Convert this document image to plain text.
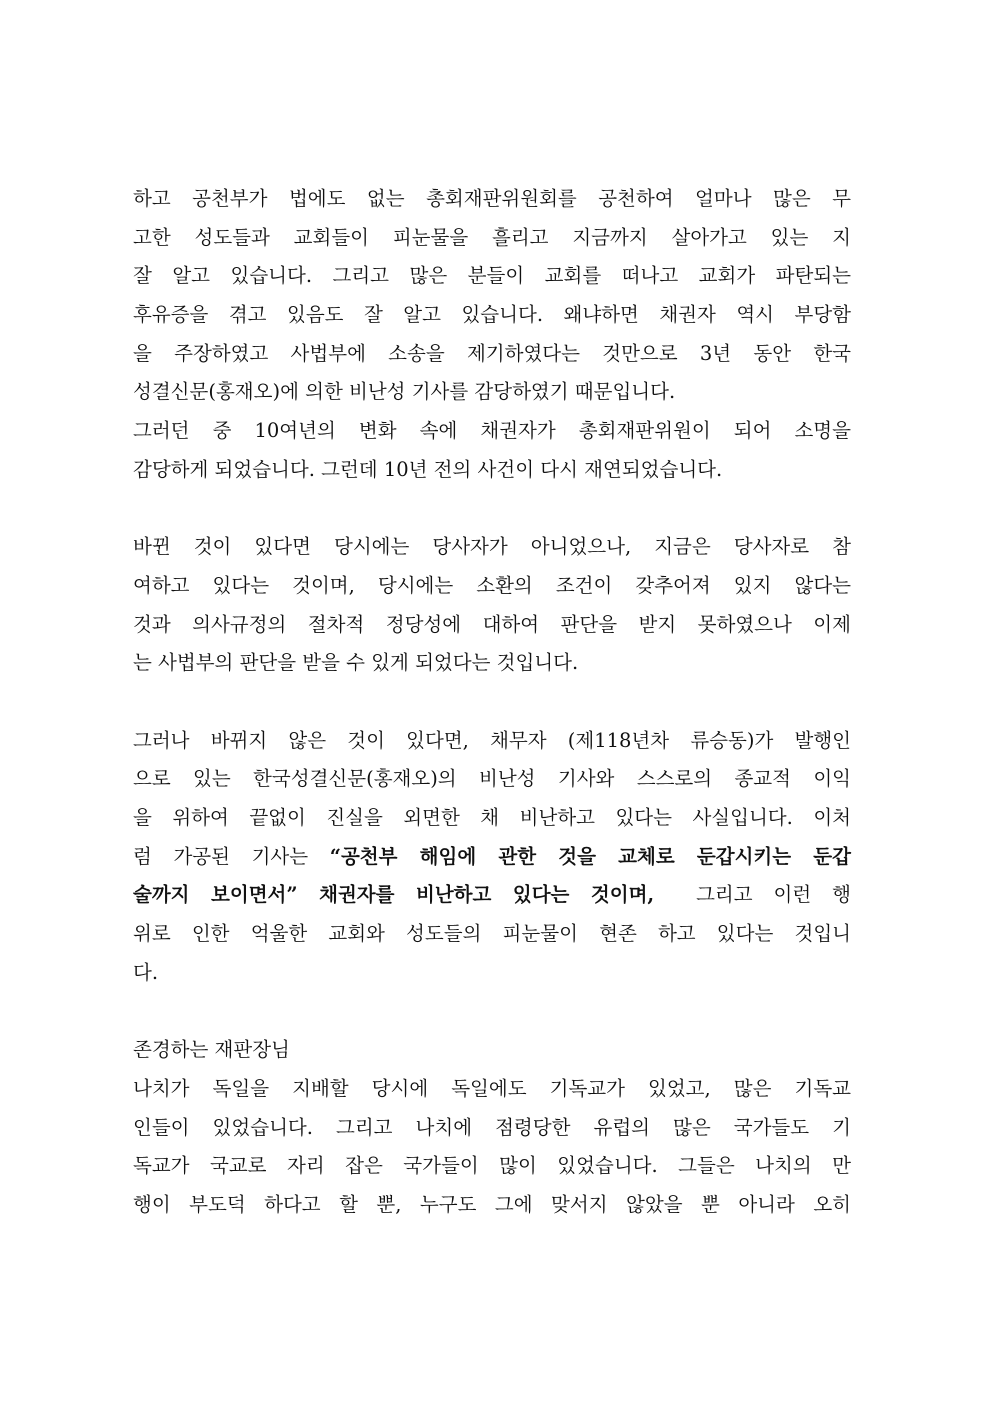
하고 공천부가 법에도 없는 총회재판위원회를 공천하여 얼마나 많은 무
고한 성도들과 교회들이 피눈물을 흘리고 지금까지 살아가고 있는 지
잘 알고 있습니다. 그리고 많은 분들이 교회를 떠나고 교회가 파탄되는
후유증을 겪고 있음도 잘 알고 있습니다. 왜냐하면 채권자 역시 부당함
을 주장하였고 사법부에 소송을 제기하였다는 것만으로 3년 동안 한국
성결신문(홍재오)에 의한 비난성 기사를 감당하였기 때문입니다.
그러던 중 10여년의 변화 속에 채권자가 총회재판위원이 되어 소명을
감당하게 되었습니다. 그런데 10년 전의 사건이 다시 재연되었습니다.
바뀐 것이 있다면 당시에는 당사자가 아니었으나, 지금은 당사자로 참
여하고 있다는 것이며, 당시에는 소환의 조건이 갖추어져 있지 않다는
것과 의사규정의 절차적 정당성에 대하여 판단을 받지 못하였으나 이제
는 사법부의 판단을 받을 수 있게 되었다는 것입니다.
그러나 바뀌지 않은 것이 있다면, 채무자 (제118년차 류승동)가 발행인
으로 있는 한국성결신문(홍재오)의 비난성 기사와 스스로의 종교적 이익
을 위하여 끝없이 진실을 외면한 채 비난하고 있다는 사실입니다. 이처
럼 가공된 기사는 “공천부 해임에 관한 것을 교체로 둔갑시키는 둔갑
술까지 보이면서” 채권자를 비난하고 있다는 것이며,  그리고 이런 행
위로 인한 억울한 교회와 성도들의 피눈물이 현존 하고 있다는 것입니
다.
존경하는 재판장님
나치가 독일을 지배할 당시에 독일에도 기독교가 있었고, 많은 기독교
인들이 있었습니다. 그리고 나치에 점령당한 유럽의 많은 국가들도 기
독교가 국교로 자리 잡은 국가들이 많이 있었습니다. 그들은 나치의 만
행이 부도덕 하다고 할 뿐, 누구도 그에 맞서지 않았을 뿐 아니라 오히
